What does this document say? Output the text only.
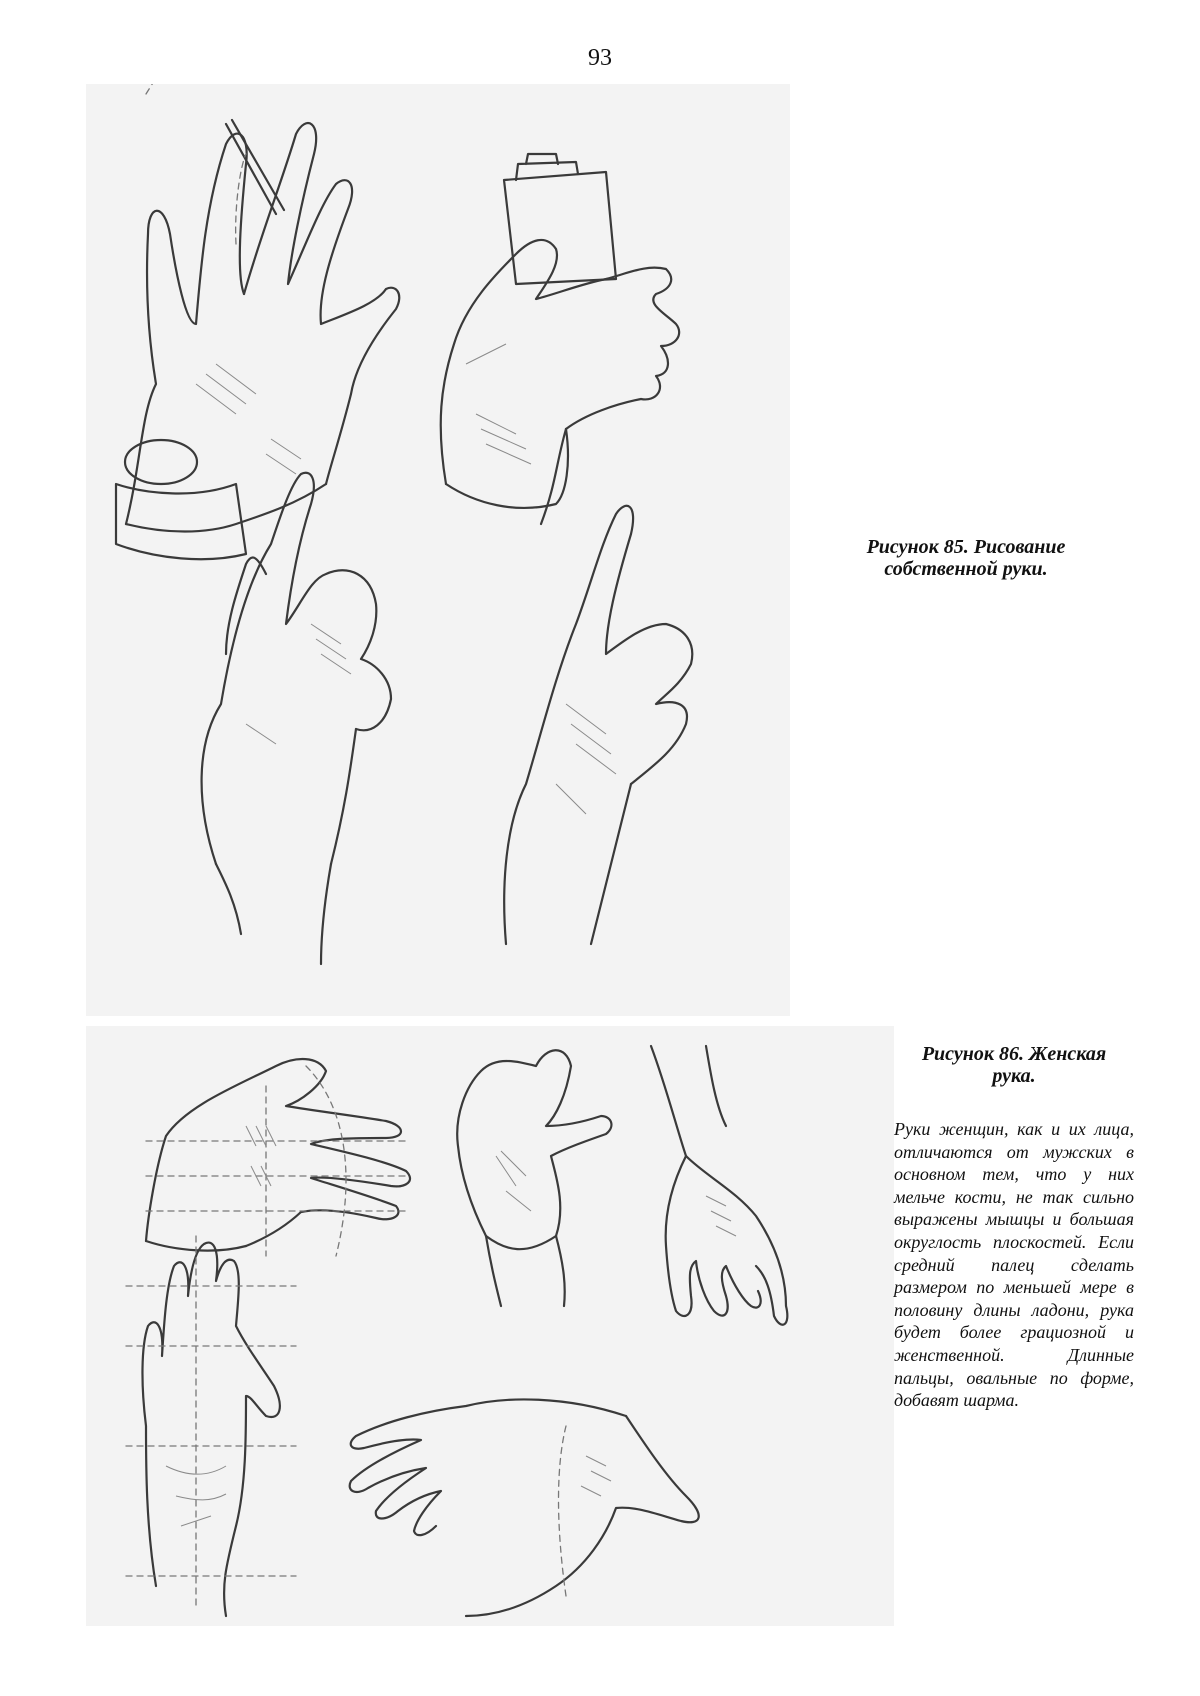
93
Рисунок 85. Рисование
собственной руки.
Рисунок 86. Женская
рука.
Руки женщин, как и их лица, отличаются от мужских в основном тем, что у них мельче кости, не так сильно выражены мышцы и большая округлость плоскостей. Если средний палец сделать размером по меньшей мере в половину длины ладони, рука будет более грациозной и женственной. Длинные пальцы, овальные по форме, добавят шарма.
